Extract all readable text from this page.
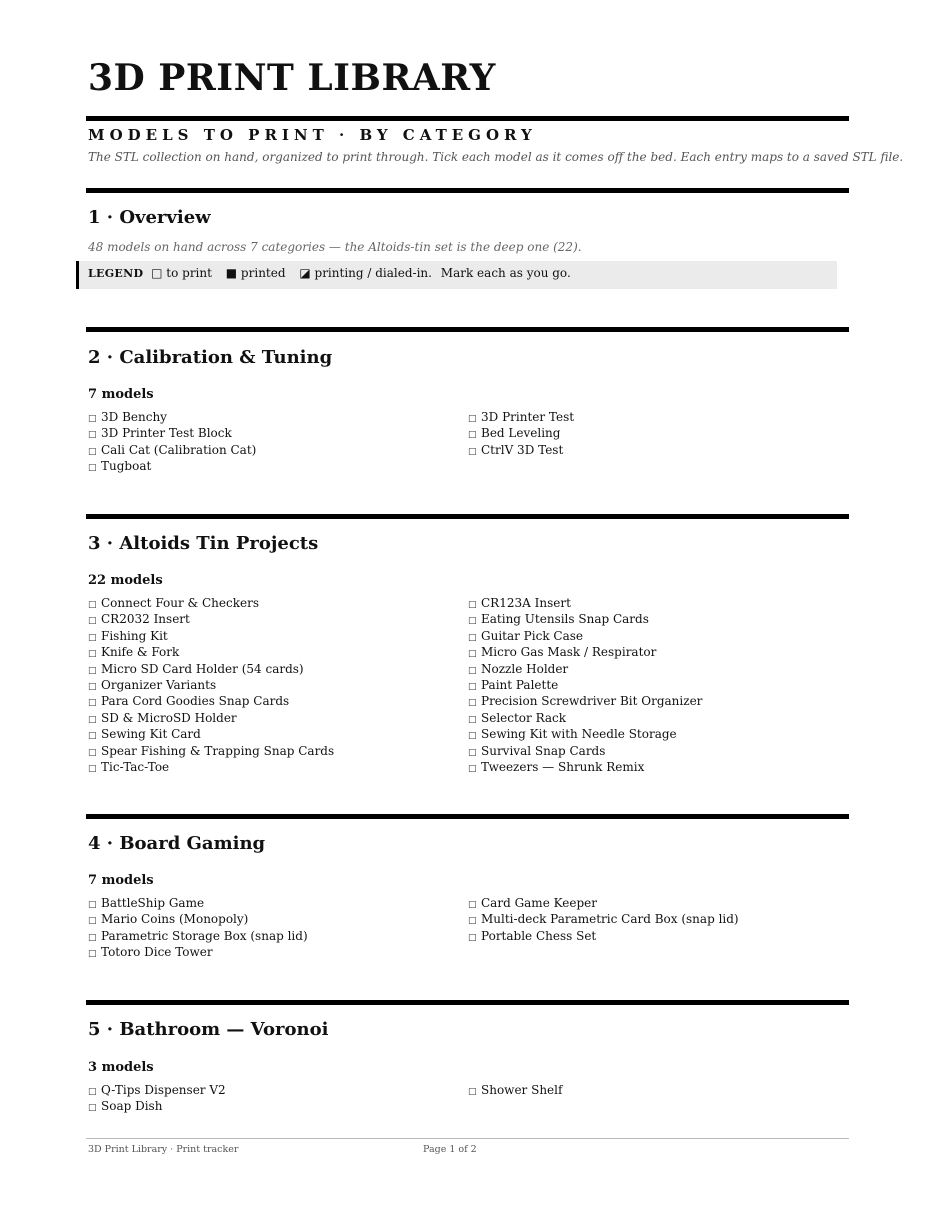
3D PRINT LIBRARY
MODELS TO PRINT · BY CATEGORY

The STL collection on hand, organized to print through. Tick each model as it comes off the bed. Each entry maps to a saved STL file.

1 · Overview

48 models on hand across 7 categories — the Altoids-tin set is the deep one (22).

LEGEND □ to print ■ printed ◪ printing / dialed-in. Mark each as you go.
2 · Calibration & Tuning

7 models

□ 3D Benchy
□ 3D Printer Test Block
□ Cali Cat (Calibration Cat)
□ Tugboat
□ 3D Printer Test
□ Bed Leveling
□ CtrlV 3D Test
3 · Altoids Tin Projects

22 models

□ Connect Four & Checkers
□ CR2032 Insert
□ Fishing Kit
□ Knife & Fork
□ Micro SD Card Holder (54 cards)
□ Organizer Variants
□ Para Cord Goodies Snap Cards
□ SD & MicroSD Holder
□ Sewing Kit Card
□ Spear Fishing & Trapping Snap Cards
□ Tic-Tac-Toe
□ CR123A Insert
□ Eating Utensils Snap Cards
□ Guitar Pick Case
□ Micro Gas Mask / Respirator
□ Nozzle Holder
□ Paint Palette
□ Precision Screwdriver Bit Organizer
□ Selector Rack
□ Sewing Kit with Needle Storage
□ Survival Snap Cards
□ Tweezers — Shrunk Remix
4 · Board Gaming

7 models

□ BattleShip Game
□ Mario Coins (Monopoly)
□ Parametric Storage Box (snap lid)
□ Totoro Dice Tower
□ Card Game Keeper
□ Multi-deck Parametric Card Box (snap lid)
□ Portable Chess Set
5 · Bathroom — Voronoi

3 models

□ Q-Tips Dispenser V2
□ Soap Dish
□ Shower Shelf
3D Print Library · Print tracker	Page 1 of 2
